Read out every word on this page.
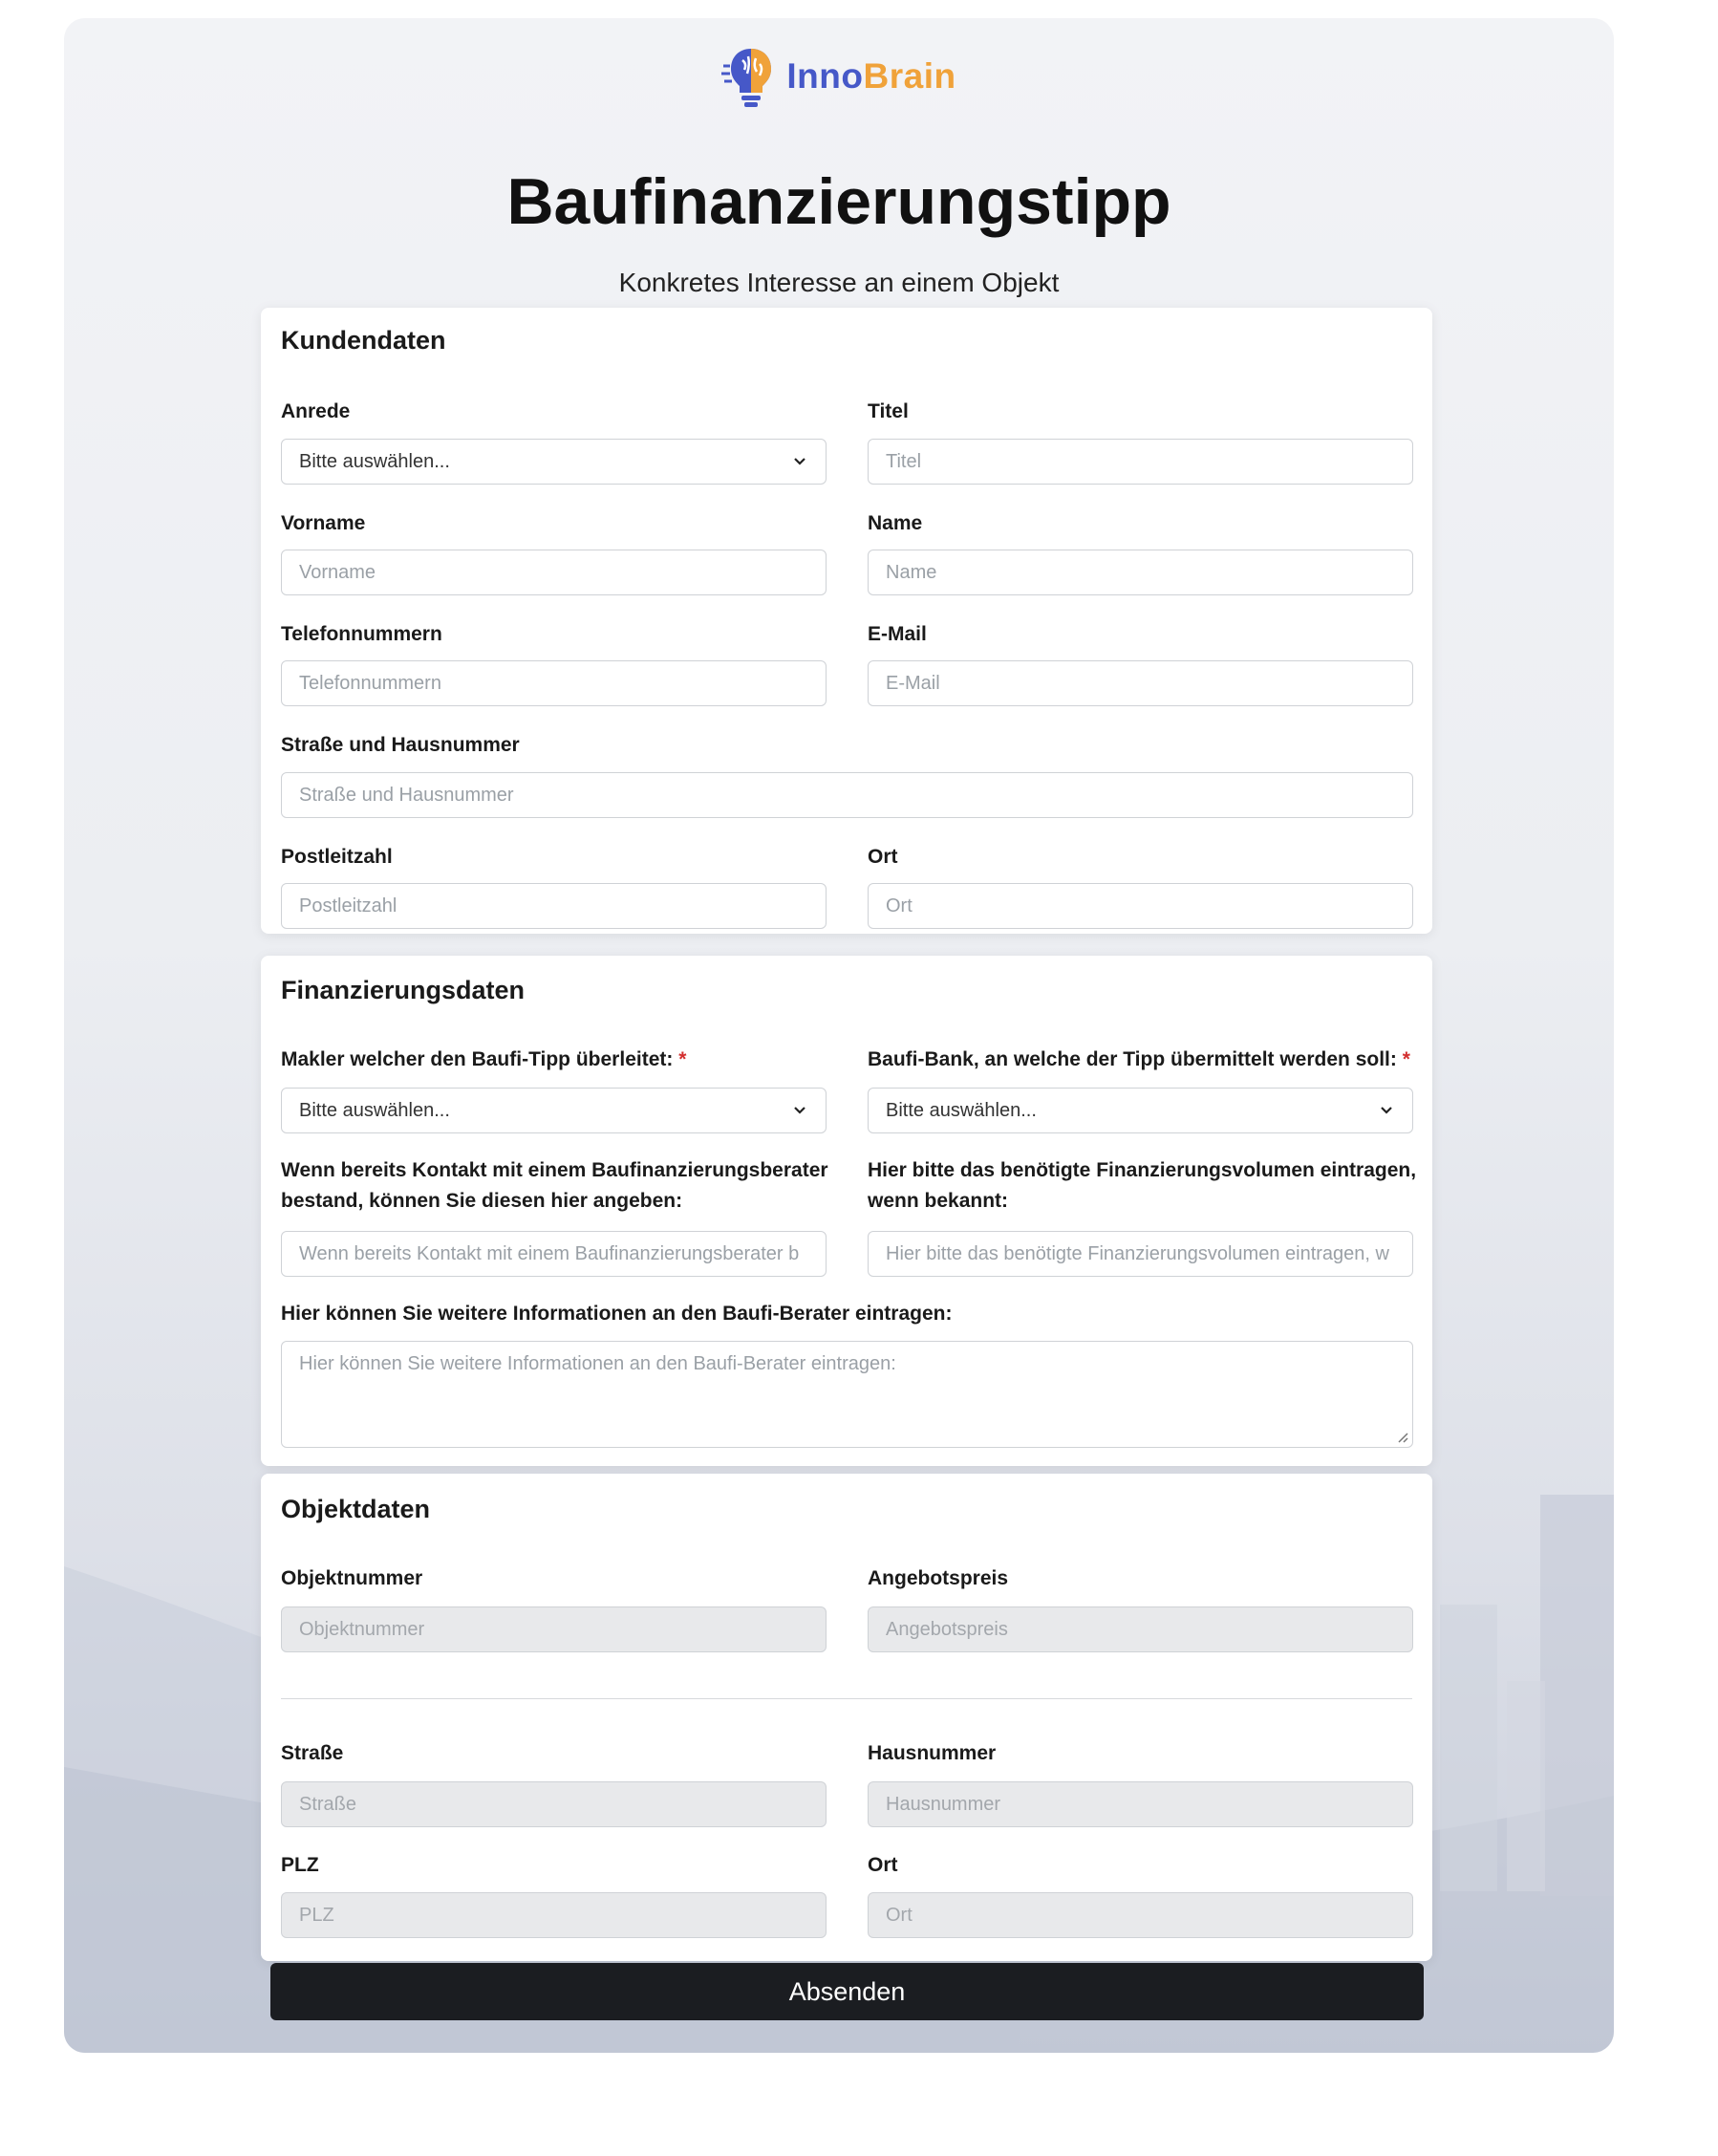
InnoBrain
Baufinanzierungstipp

Konkretes Interesse an einem Objekt

Kundendaten
Anrede
Bitte auswählen...
Titel
Titel
Vorname
Vorname
Name
Name
Telefonnummern
Telefonnummern
E-Mail
E-Mail
Straße und Hausnummer
Straße und Hausnummer
Postleitzahl
Postleitzahl
Ort
Ort
Finanzierungsdaten
Makler welcher den Baufi-Tipp überleitet: *
Bitte auswählen...
Baufi-Bank, an welche der Tipp übermittelt werden soll: *
Bitte auswählen...
Wenn bereits Kontakt mit einem Baufinanzierungsberater
bestand, können Sie diesen hier angeben:
Wenn bereits Kontakt mit einem Baufinanzierungsberater b
Hier bitte das benötigte Finanzierungsvolumen eintragen,
wenn bekannt:
Hier bitte das benötigte Finanzierungsvolumen eintragen, w
Hier können Sie weitere Informationen an den Baufi-Berater eintragen:
Hier können Sie weitere Informationen an den Baufi-Berater eintragen:
Objektdaten
Objektnummer
Objektnummer
Angebotspreis
Angebotspreis
Straße
Straße
Hausnummer
Hausnummer
PLZ
PLZ
Ort
Ort
Absenden
